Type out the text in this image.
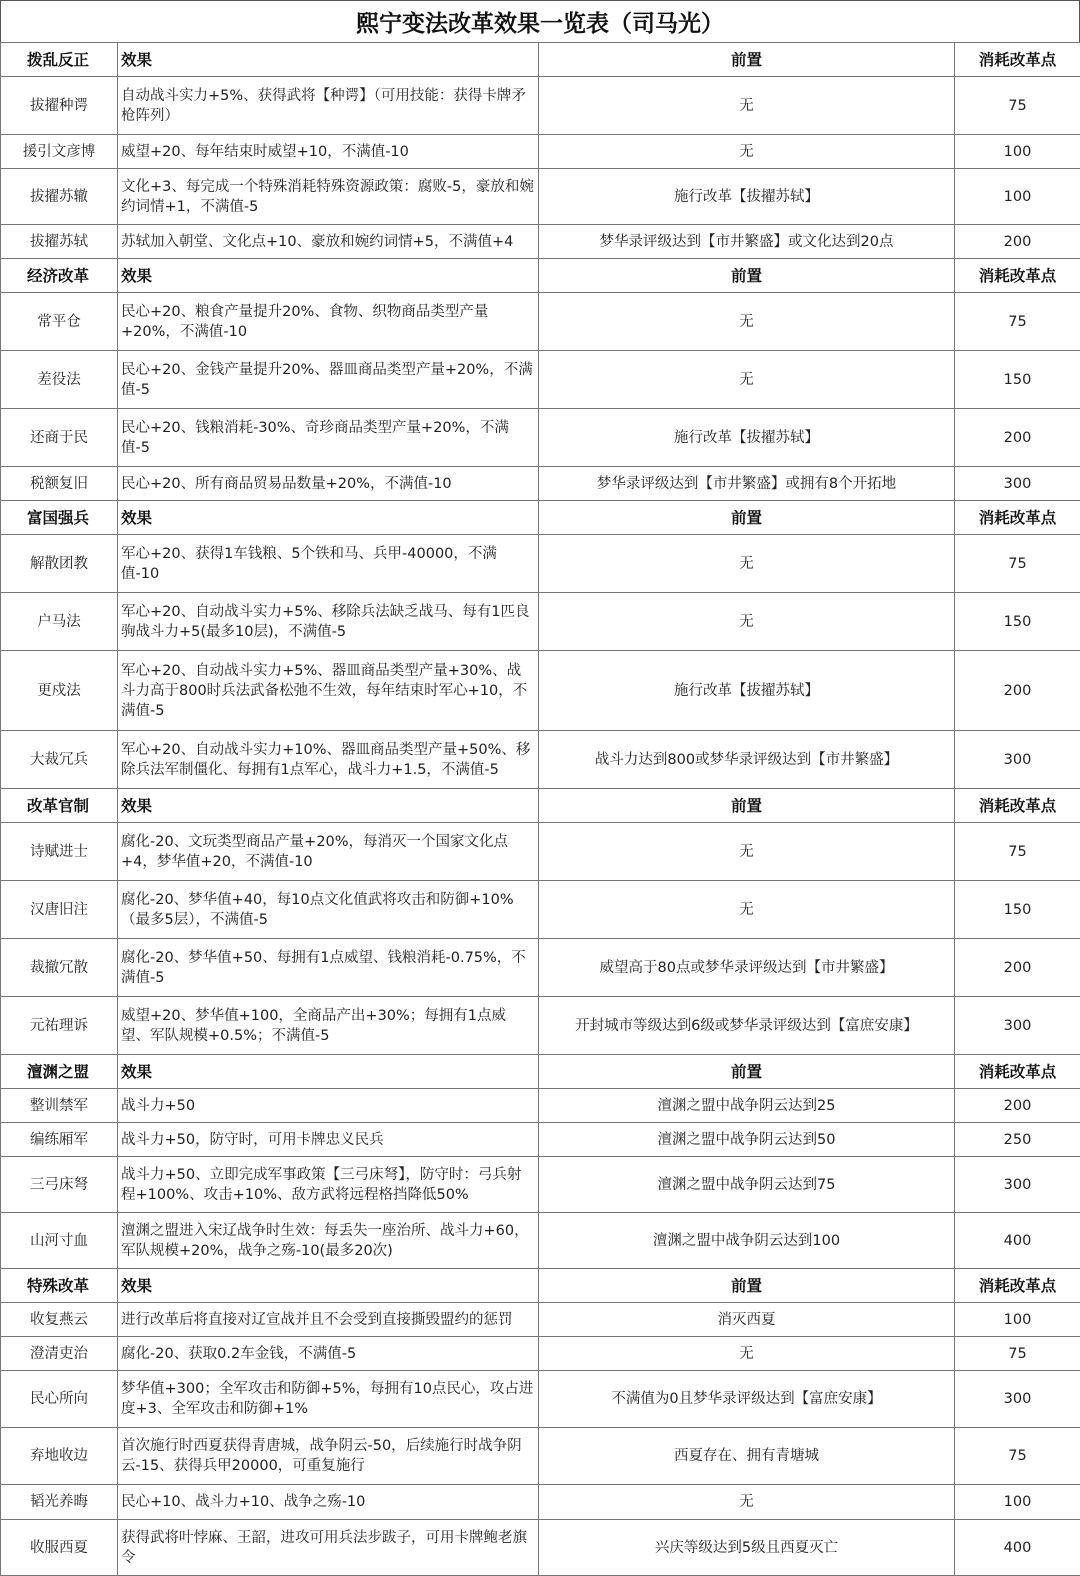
熙宁变法改革效果一览表（司马光）
拨乱反正	效果	前置	消耗改革点
拔擢种谔	自动战斗实力+5%、获得武将【种谔】（可用技能：获得卡牌矛枪阵列）	无	75
援引文彦博	威望+20、每年结束时威望+10，不满值-10	无	100
拔擢苏辙	文化+3、每完成一个特殊消耗特殊资源政策：腐败-5，豪放和婉约词情+1，不满值-5	施行改革【拔擢苏轼】	100
拔擢苏轼	苏轼加入朝堂、文化点+10、豪放和婉约词情+5，不满值+4	梦华录评级达到【市井繁盛】或文化达到20点	200
经济改革	效果	前置	消耗改革点
常平仓	民心+20、粮食产量提升20%、食物、织物商品类型产量+20%，不满值-10	无	75
差役法	民心+20、金钱产量提升20%、器皿商品类型产量+20%，不满值-5	无	150
还商于民	民心+20、钱粮消耗-30%、奇珍商品类型产量+20%，不满值-5	施行改革【拔擢苏轼】	200
税额复旧	民心+20、所有商品贸易品数量+20%，不满值-10	梦华录评级达到【市井繁盛】或拥有8个开拓地	300
富国强兵	效果	前置	消耗改革点
解散团教	军心+20、获得1车钱粮、5个铁和马、兵甲-40000，不满值-10	无	75
户马法	军心+20、自动战斗实力+5%、移除兵法缺乏战马、每有1匹良驹战斗力+5(最多10层)，不满值-5	无	150
更戍法	军心+20、自动战斗实力+5%、器皿商品类型产量+30%、战斗力高于800时兵法武备松弛不生效，每年结束时军心+10，不满值-5	施行改革【拔擢苏轼】	200
大裁冗兵	军心+20、自动战斗实力+10%、器皿商品类型产量+50%、移除兵法军制僵化、每拥有1点军心，战斗力+1.5，不满值-5	战斗力达到800或梦华录评级达到【市井繁盛】	300
改革官制	效果	前置	消耗改革点
诗赋进士	腐化-20、文玩类型商品产量+20%，每消灭一个国家文化点+4，梦华值+20，不满值-10	无	75
汉唐旧注	腐化-20、梦华值+40，每10点文化值武将攻击和防御+10%（最多5层），不满值-5	无	150
裁撤冗散	腐化-20、梦华值+50、每拥有1点威望、钱粮消耗-0.75%，不满值-5	威望高于80点或梦华录评级达到【市井繁盛】	200
元祐理诉	威望+20、梦华值+100，全商品产出+30%；每拥有1点威望、军队规模+0.5%；不满值-5	开封城市等级达到6级或梦华录评级达到【富庶安康】	300
澶渊之盟	效果	前置	消耗改革点
整训禁军	战斗力+50	澶渊之盟中战争阴云达到25	200
编练厢军	战斗力+50，防守时，可用卡牌忠义民兵	澶渊之盟中战争阴云达到50	250
三弓床弩	战斗力+50、立即完成军事政策【三弓床弩】，防守时：弓兵射程+100%、攻击+10%、敌方武将远程格挡降低50%	澶渊之盟中战争阴云达到75	300
山河寸血	澶渊之盟进入宋辽战争时生效：每丢失一座治所、战斗力+60，军队规模+20%，战争之殇-10(最多20次)	澶渊之盟中战争阴云达到100	400
特殊改革	效果	前置	消耗改革点
收复燕云	进行改革后将直接对辽宣战并且不会受到直接撕毁盟约的惩罚	消灭西夏	100
澄清吏治	腐化-20、获取0.2车金钱，不满值-5	无	75
民心所向	梦华值+300；全军攻击和防御+5%，每拥有10点民心，攻占进度+3、全军攻击和防御+1%	不满值为0且梦华录评级达到【富庶安康】	300
弃地收边	首次施行时西夏获得青唐城，战争阴云-50，后续施行时战争阴云-15、获得兵甲20000，可重复施行	西夏存在、拥有青塘城	75
韬光养晦	民心+10、战斗力+10、战争之殇-10	无	100
收服西夏	获得武将叶悖麻、王韶，进攻可用兵法步跋子，可用卡牌鲍老旗令	兴庆等级达到5级且西夏灭亡	400
